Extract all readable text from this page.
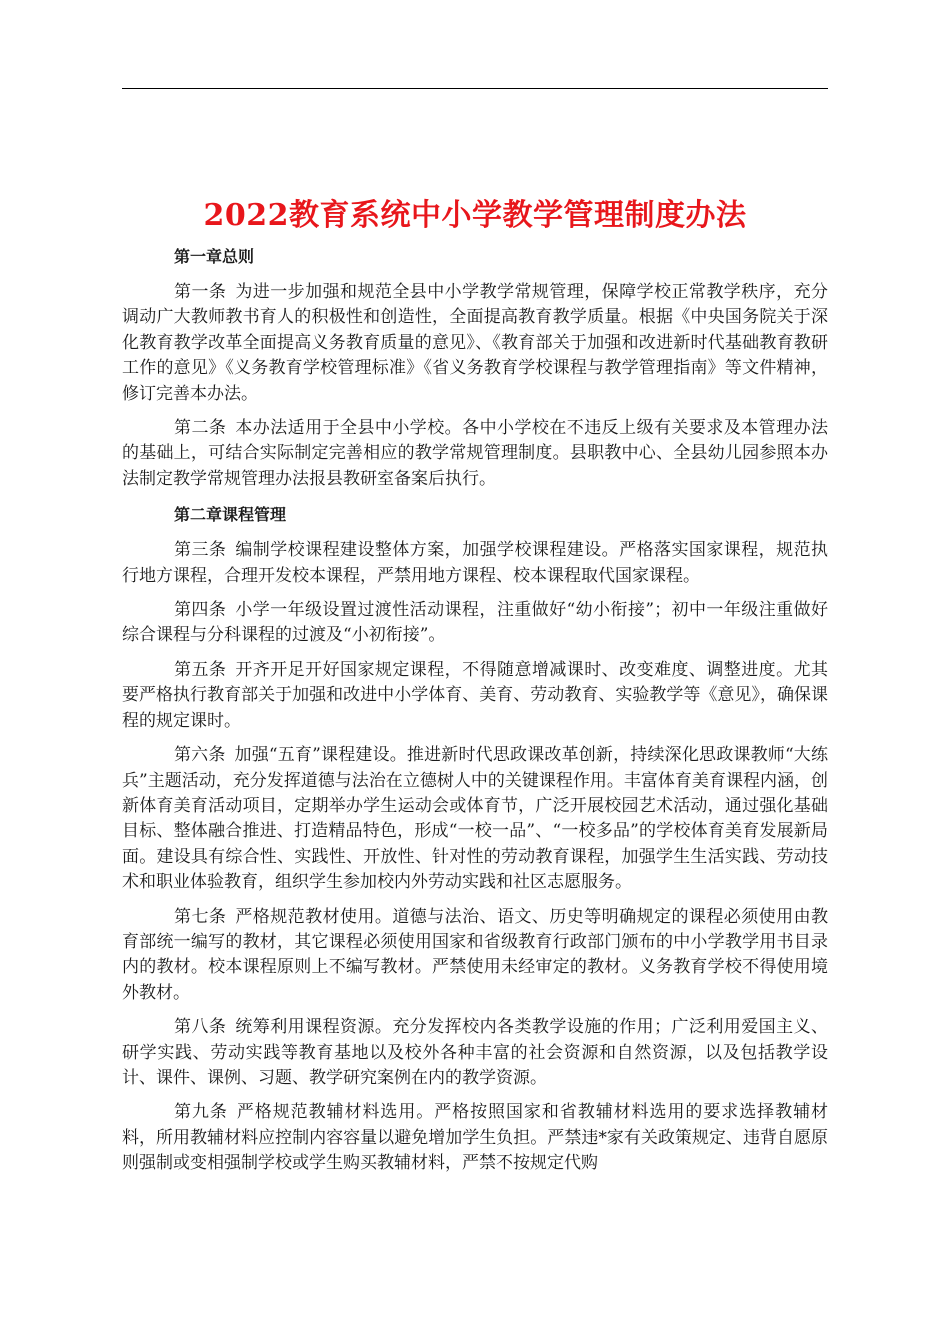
2022教育系统中小学教学管理制度办法
第一章总则

第一条 为进一步加强和规范全县中小学教学常规管理，保障学校正常教学秩序，充分调动广大教师教书育人的积极性和创造性，全面提高教育教学质量。根据《中央国务院关于深化教育教学改革全面提高义务教育质量的意见》、《教育部关于加强和改进新时代基础教育教研工作的意见》《义务教育学校管理标准》《省义务教育学校课程与教学管理指南》等文件精神，修订完善本办法。

第二条 本办法适用于全县中小学校。各中小学校在不违反上级有关要求及本管理办法的基础上，可结合实际制定完善相应的教学常规管理制度。县职教中心、全县幼儿园参照本办法制定教学常规管理办法报县教研室备案后执行。

第二章课程管理

第三条 编制学校课程建设整体方案，加强学校课程建设。严格落实国家课程，规范执行地方课程，合理开发校本课程，严禁用地方课程、校本课程取代国家课程。

第四条 小学一年级设置过渡性活动课程，注重做好“幼小衔接”；初中一年级注重做好综合课程与分科课程的过渡及“小初衔接”。

第五条 开齐开足开好国家规定课程，不得随意增减课时、改变难度、调整进度。尤其要严格执行教育部关于加强和改进中小学体育、美育、劳动教育、实验教学等《意见》，确保课程的规定课时。

第六条 加强“五育”课程建设。推进新时代思政课改革创新，持续深化思政课教师“大练兵”主题活动，充分发挥道德与法治在立德树人中的关键课程作用。丰富体育美育课程内涵，创新体育美育活动项目，定期举办学生运动会或体育节，广泛开展校园艺术活动，通过强化基础目标、整体融合推进、打造精品特色，形成“一校一品”、“一校多品”的学校体育美育发展新局面。建设具有综合性、实践性、开放性、针对性的劳动教育课程，加强学生生活实践、劳动技术和职业体验教育，组织学生参加校内外劳动实践和社区志愿服务。

第七条 严格规范教材使用。道德与法治、语文、历史等明确规定的课程必须使用由教育部统一编写的教材，其它课程必须使用国家和省级教育行政部门颁布的中小学教学用书目录内的教材。校本课程原则上不编写教材。严禁使用未经审定的教材。义务教育学校不得使用境外教材。

第八条 统筹利用课程资源。充分发挥校内各类教学设施的作用；广泛利用爱国主义、研学实践、劳动实践等教育基地以及校外各种丰富的社会资源和自然资源，以及包括教学设计、课件、课例、习题、教学研究案例在内的教学资源。

第九条 严格规范教辅材料选用。严格按照国家和省教辅材料选用的要求选择教辅材料，所用教辅材料应控制内容容量以避免增加学生负担。严禁违*家有关政策规定、违背自愿原则强制或变相强制学校或学生购买教辅材料，严禁不按规定代购
